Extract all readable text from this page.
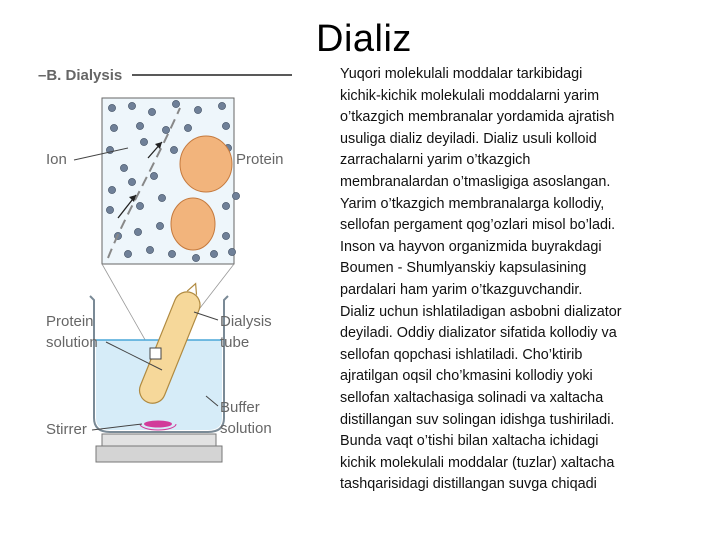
Dializ
Yuqori molekulali moddalar tarkibidagi
kichik-kichik molekulali moddalarni yarim
o’tkazgich membranalar yordamida ajratish
usuliga dializ deyiladi. Dializ usuli kolloid
zarrachalarni yarim o’tkazgich
membranalardan o’tmasligiga asoslangan.
Yarim o’tkazgich membranalarga kollodiy,
sellofan pergament qog’ozlari misol bo’ladi.
Inson va hayvon organizmida buyrakdagi
Boumen - Shumlyanskiy kapsulasining
pardalari ham yarim o’tkazguvchandir.
Dializ uchun ishlatiladigan asbobni dializator
deyiladi. Oddiy dializator sifatida kollodiy va
sellofan qopchasi ishlatiladi. Cho’ktirib
ajratilgan oqsil cho’kmasini kollodiy yoki
sellofan xaltachasiga solinadi va xaltacha
distillangan suv solingan idishga tushiriladi.
Bunda vaqt o’tishi bilan xaltacha ichidagi
kichik molekulali moddalar (tuzlar) xaltacha
tashqarisidagi distillangan suvga chiqadi
–B. Dialysis
Ion	Protein
Protein
solution
Stirrer
Dialysis
tube
Buffer
solution
